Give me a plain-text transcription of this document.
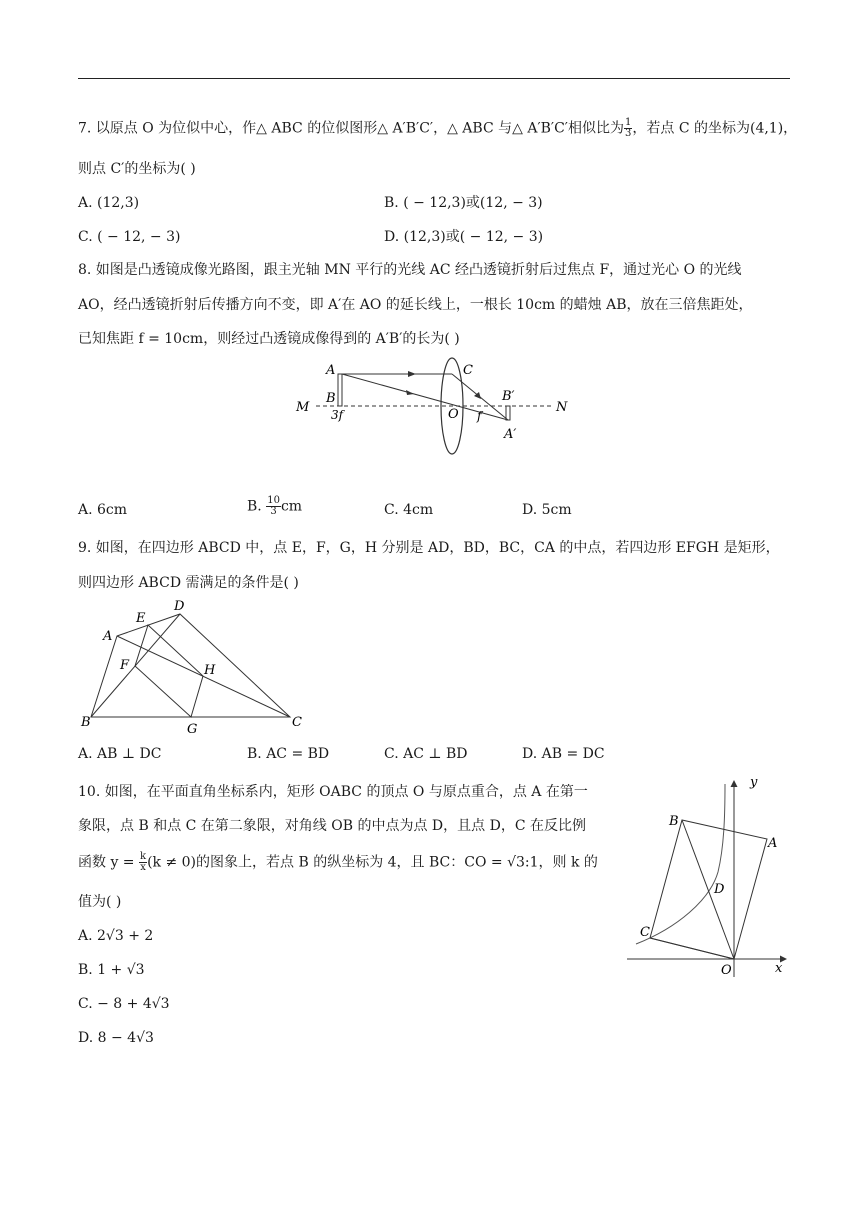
7. 以原点 O 为位似中心，作△ ABC 的位似图形△ A′B′C′，△ ABC 与△ A′B′C′相似比为 $\frac{1}{3}$ ，若点 C 的坐标为(4,1)，
则点 C′的坐标为( )
A. (12,3)	B. ( − 12,3)或(12, − 3)
C. ( − 12, − 3)	D. (12,3)或( − 12, − 3)
8. 如图是凸透镜成像光路图，跟主光轴 MN 平行的光线 AC 经凸透镜折射后过焦点 F，通过光心 O 的光线
AO，经凸透镜折射后传播方向不变，即 A′在 AO 的延长线上，一根长 10cm 的蜡烛 AB，放在三倍焦距处，
已知焦距 f = 10cm，则经过凸透镜成像得到的 A′B′的长为( )
A
B
M 3f
C
O f
B′
N
A′
A. 6cm	B. $\frac{10}{3}$ cm	C. 4cm	D. 5cm
9. 如图，在四边形 ABCD 中，点 E，F，G，H 分别是 AD，BD，BC，CA 的中点，若四边形 EFGH 是矩形，
则四边形 ABCD 需满足的条件是( )
A
B	C
D
E
F
G
H
A. AB ⊥ DC	B. AC = BD	C. AC ⊥ BD	D. AB = DC
10. 如图，在平面直角坐标系内，矩形 OABC 的顶点 O 与原点重合，点 A 在第一
象限，点 B 和点 C 在第二象限，对角线 OB 的中点为点 D，且点 D，C 在反比例
函数 $y = \frac{k}{x} (k \ne 0)$的图象上，若点 B 的纵坐标为 4，且 BC：CO = √3:1，则 k 的
值为( )
A. 2√3 + 2
B. 1 + √3
C. − 8 + 4√3
D. 8 − 4√3
y
x
A
B
C
D
O
